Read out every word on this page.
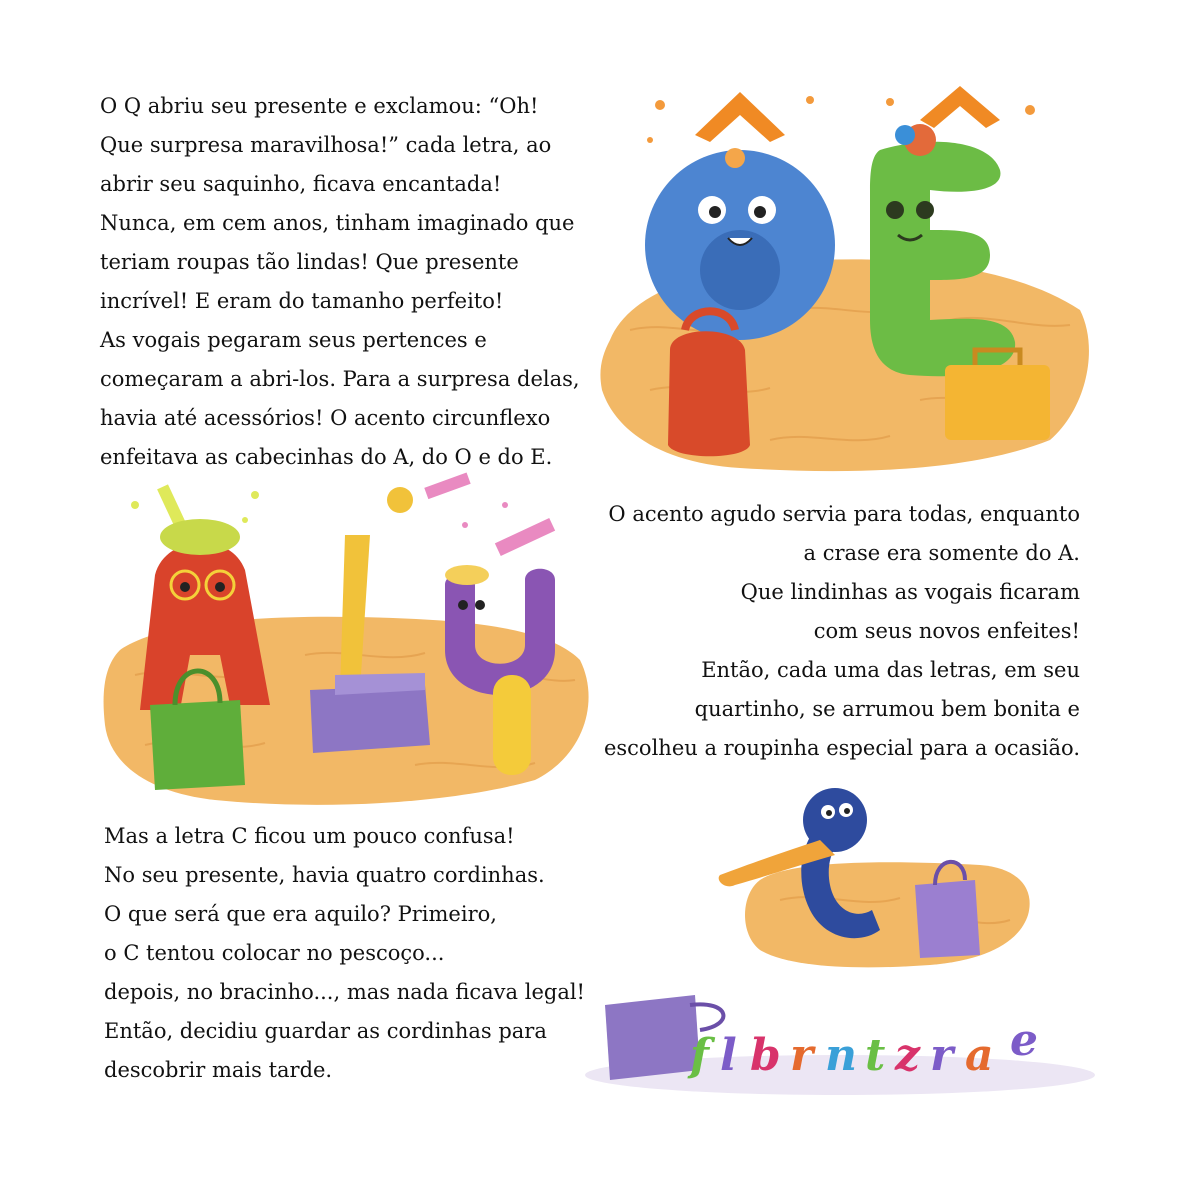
O Q abriu seu presente e exclamou: “Oh!
Que surpresa maravilhosa!” cada letra, ao
abrir seu saquinho, ficava encantada!
Nunca, em cem anos, tinham imaginado que
teriam roupas tão lindas! Que presente
incrível! E eram do tamanho perfeito!
As vogais pegaram seus pertences e
começaram a abri-los. Para a surpresa delas,
havia até acessórios! O acento circunflexo
enfeitava as cabecinhas do A, do O e do E.
O acento agudo servia para todas, enquanto
a crase era somente do A.
Que lindinhas as vogais ficaram
com seus novos enfeites!
Então, cada uma das letras, em seu
quartinho, se arrumou bem bonita e
escolheu a roupinha especial para a ocasião.
Mas a letra C ficou um pouco confusa!
No seu presente, havia quatro cordinhas.
O que será que era aquilo? Primeiro,
o C tentou colocar no pescoço...
depois, no bracinho..., mas nada ficava legal!
Então, decidiu guardar as cordinhas para
descobrir mais tarde.	f l b r n t z r a e
